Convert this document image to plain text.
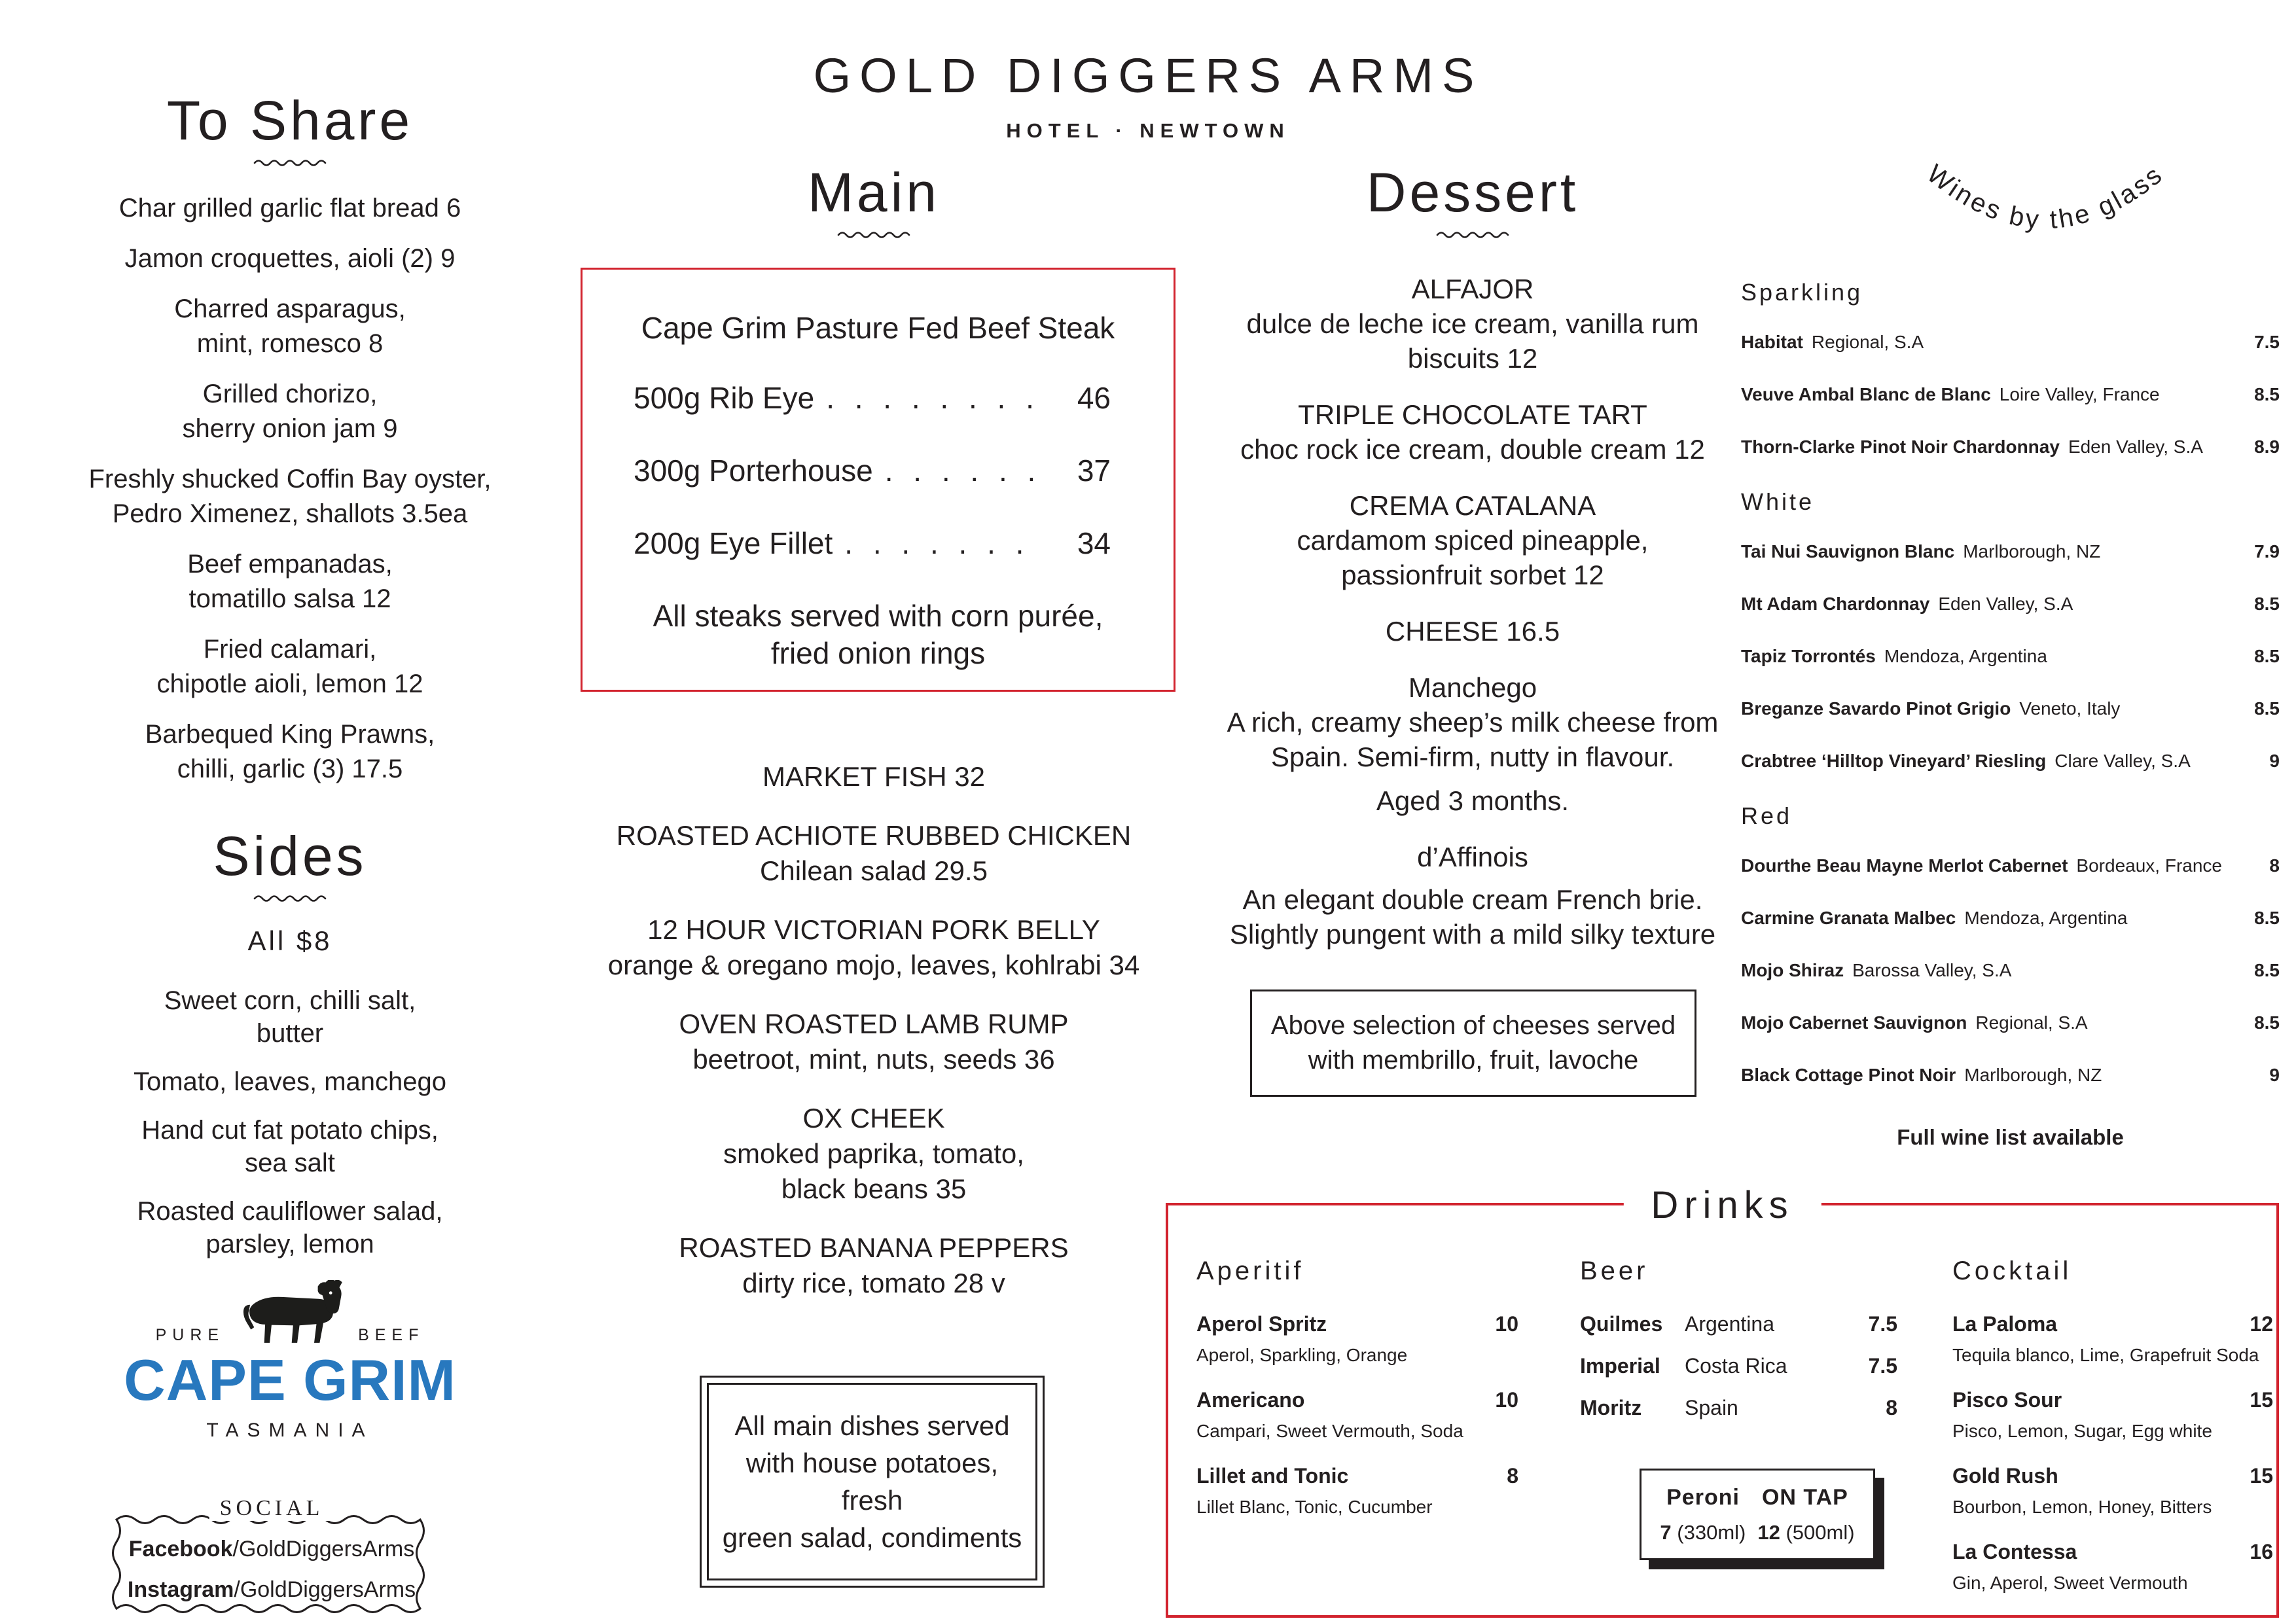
GOLD DIGGERS ARMS
HOTEL · NEWTOWN
To Share
Char grilled garlic flat bread 6
Jamon croquettes, aioli (2) 9
Charred asparagus,
mint, romesco 8
Grilled chorizo,
sherry onion jam 9
Freshly shucked Coffin Bay oyster,
Pedro Ximenez, shallots 3.5ea
Beef empanadas,
tomatillo salsa 12
Fried calamari,
chipotle aioli, lemon 12
Barbequed King Prawns,
chilli, garlic (3) 17.5
Sides
All $8
Sweet corn, chilli salt,
butter
Tomato, leaves, manchego
Hand cut fat potato chips,
sea salt
Roasted cauliflower salad,
parsley, lemon
PURE	BEEF
CAPE GRIM
TASMANIA
SOCIAL
Facebook/GoldDiggersArms
Instagram/GoldDiggersArms
Main
Cape Grim Pasture Fed Beef Steak
500g Rib Eye . . .	46
300g Porterhouse . . .	37
200g Eye Fillet . . .	34
All steaks served with corn purée,
fried onion rings
MARKET FISH 32
ROASTED ACHIOTE RUBBED CHICKEN
Chilean salad 29.5
12 HOUR VICTORIAN PORK BELLY
orange & oregano mojo, leaves, kohlrabi 34
OVEN ROASTED LAMB RUMP
beetroot, mint, nuts, seeds 36
OX CHEEK
smoked paprika, tomato,
black beans 35
ROASTED BANANA PEPPERS
dirty rice, tomato 28 v
All main dishes served
with house potatoes, fresh
green salad, condiments
Dessert
ALFAJOR
dulce de leche ice cream, vanilla rum
biscuits 12
TRIPLE CHOCOLATE TART
choc rock ice cream, double cream 12
CREMA CATALANA
cardamom spiced pineapple,
passionfruit sorbet 12
CHEESE 16.5
Manchego
A rich, creamy sheep’s milk cheese from
Spain. Semi-firm, nutty in flavour.
Aged 3 months.
d’Affinois
An elegant double cream French brie.
Slightly pungent with a mild silky texture
Above selection of cheeses served
with membrillo, fruit, lavoche
Wines by the glass
Sparkling
Habitat Regional, S.A	7.5
Veuve Ambal Blanc de Blanc Loire Valley, France	8.5
Thorn-Clarke Pinot Noir Chardonnay Eden Valley, S.A	8.9
White
Tai Nui Sauvignon Blanc Marlborough, NZ	7.9
Mt Adam Chardonnay Eden Valley, S.A	8.5
Tapiz Torrontés Mendoza, Argentina	8.5
Breganze Savardo Pinot Grigio Veneto, Italy	8.5
Crabtree ‘Hilltop Vineyard’ Riesling Clare Valley, S.A	9
Red
Dourthe Beau Mayne Merlot Cabernet Bordeaux, France	8
Carmine Granata Malbec Mendoza, Argentina	8.5
Mojo Shiraz Barossa Valley, S.A	8.5
Mojo Cabernet Sauvignon Regional, S.A	8.5
Black Cottage Pinot Noir Marlborough, NZ	9
Full wine list available
Drinks
Aperitif
Aperol Spritz	10
Aperol, Sparkling, Orange
Americano	10
Campari, Sweet Vermouth, Soda
Lillet and Tonic	8
Lillet Blanc, Tonic, Cucumber
Beer
Quilmes	Argentina	7.5
Imperial	Costa Rica	7.5
Moritz	Spain	8
Peroni ON TAP
7 (330ml) 12 (500ml)
Cocktail
La Paloma	12
Tequila blanco, Lime, Grapefruit Soda
Pisco Sour	15
Pisco, Lemon, Sugar, Egg white
Gold Rush	15
Bourbon, Lemon, Honey, Bitters
La Contessa	16
Gin, Aperol, Sweet Vermouth
